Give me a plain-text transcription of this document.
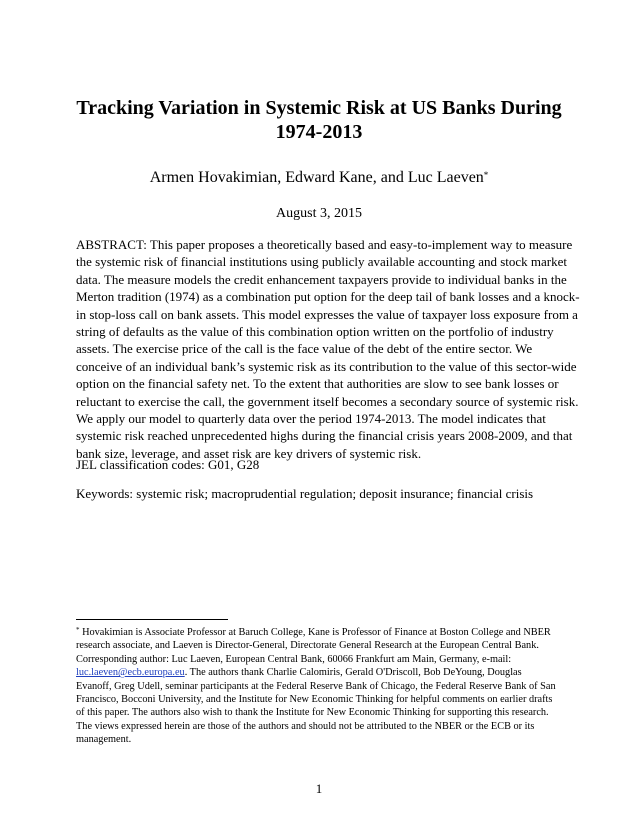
Tracking Variation in Systemic Risk at US Banks During
1974-2013
Armen Hovakimian, Edward Kane, and Luc Laeven*
August 3, 2015
ABSTRACT: This paper proposes a theoretically based and easy-to-implement way to measure
the systemic risk of financial institutions using publicly available accounting and stock market
data. The measure models the credit enhancement taxpayers provide to individual banks in the
Merton tradition (1974) as a combination put option for the deep tail of bank losses and a knock-
in stop-loss call on bank assets. This model expresses the value of taxpayer loss exposure from a
string of defaults as the value of this combination option written on the portfolio of industry
assets. The exercise price of the call is the face value of the debt of the entire sector. We
conceive of an individual bank’s systemic risk as its contribution to the value of this sector-wide
option on the financial safety net. To the extent that authorities are slow to see bank losses or
reluctant to exercise the call, the government itself becomes a secondary source of systemic risk.
We apply our model to quarterly data over the period 1974-2013. The model indicates that
systemic risk reached unprecedented highs during the financial crisis years 2008-2009, and that
bank size, leverage, and asset risk are key drivers of systemic risk.
JEL classification codes: G01, G28
Keywords: systemic risk; macroprudential regulation; deposit insurance; financial crisis
* Hovakimian is Associate Professor at Baruch College, Kane is Professor of Finance at Boston College and NBER
research associate, and Laeven is Director-General, Directorate General Research at the European Central Bank.
Corresponding author: Luc Laeven, European Central Bank, 60066 Frankfurt am Main, Germany, e-mail:
luc.laeven@ecb.europa.eu. The authors thank Charlie Calomiris, Gerald O'Driscoll, Bob DeYoung, Douglas
Evanoff, Greg Udell, seminar participants at the Federal Reserve Bank of Chicago, the Federal Reserve Bank of San
Francisco, Bocconi University, and the Institute for New Economic Thinking for helpful comments on earlier drafts
of this paper. The authors also wish to thank the Institute for New Economic Thinking for supporting this research.
The views expressed herein are those of the authors and should not be attributed to the NBER or the ECB or its
management.
1
